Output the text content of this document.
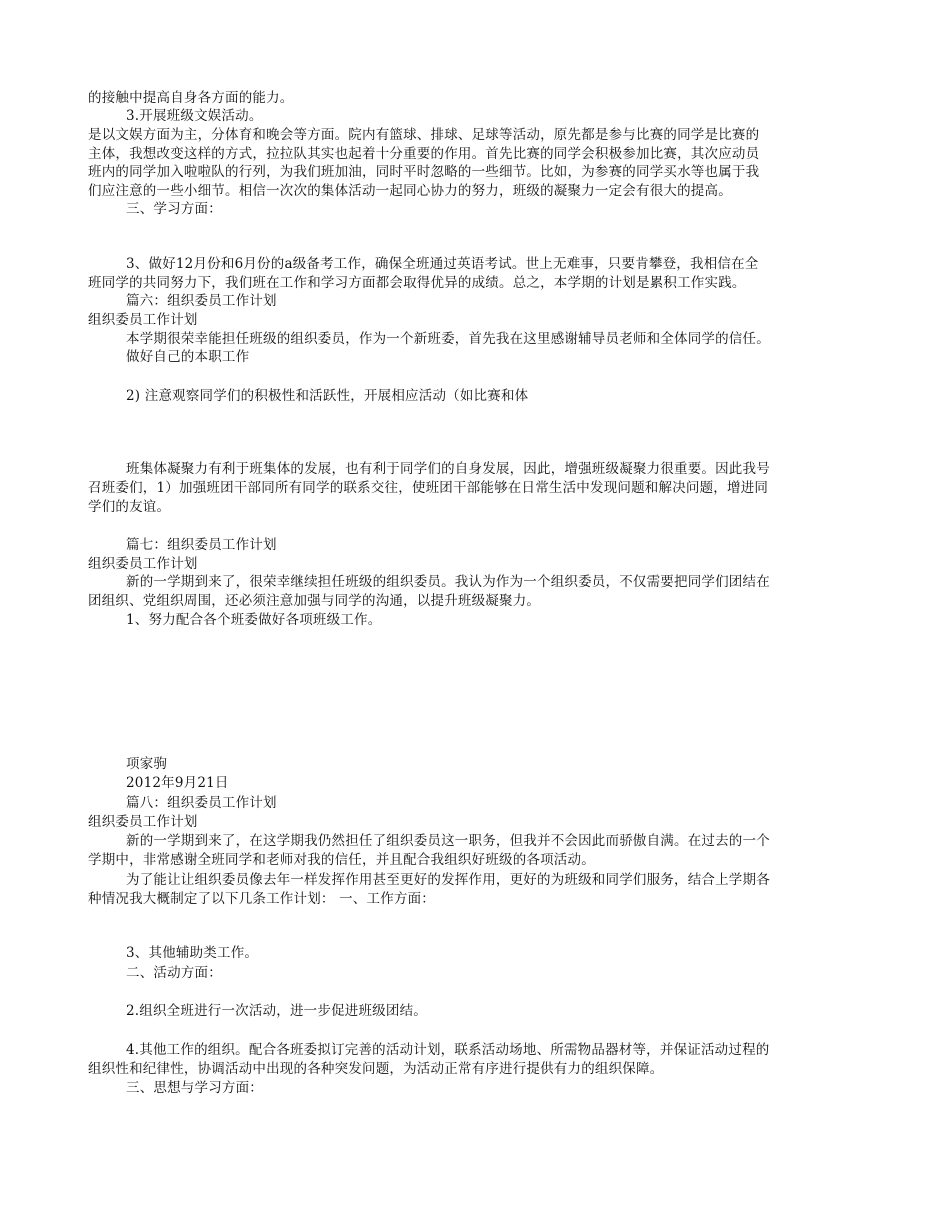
的接触中提高自身各方面的能力。
3.开展班级文娱活动。
是以文娱方面为主，分体育和晚会等方面。院内有篮球、排球、足球等活动，原先都是参与比赛的同学是比赛的
主体，我想改变这样的方式，拉拉队其实也起着十分重要的作用。首先比赛的同学会积极参加比赛，其次应动员
班内的同学加入啦啦队的行列，为我们班加油，同时平时忽略的一些细节。比如，为参赛的同学买水等也属于我
们应注意的一些小细节。相信一次次的集体活动一起同心协力的努力，班级的凝聚力一定会有很大的提高。
三、学习方面：
3、做好12月份和6月份的a级备考工作，确保全班通过英语考试。世上无难事，只要肯攀登，我相信在全
班同学的共同努力下，我们班在工作和学习方面都会取得优异的成绩。总之，本学期的计划是累积工作实践。
篇六：组织委员工作计划
组织委员工作计划
本学期很荣幸能担任班级的组织委员，作为一个新班委，首先我在这里感谢辅导员老师和全体同学的信任。
做好自己的本职工作
2) 注意观察同学们的积极性和活跃性，开展相应活动（如比赛和体
班集体凝聚力有利于班集体的发展，也有利于同学们的自身发展，因此，增强班级凝聚力很重要。因此我号
召班委们，1）加强班团干部同所有同学的联系交往，使班团干部能够在日常生活中发现问题和解决问题，增进同
学们的友谊。
篇七：组织委员工作计划
组织委员工作计划
新的一学期到来了，很荣幸继续担任班级的组织委员。我认为作为一个组织委员，不仅需要把同学们团结在
团组织、党组织周围，还必须注意加强与同学的沟通，以提升班级凝聚力。
1、努力配合各个班委做好各项班级工作。
项家驹
2012年9月21日
篇八：组织委员工作计划
组织委员工作计划
新的一学期到来了，在这学期我仍然担任了组织委员这一职务，但我并不会因此而骄傲自满。在过去的一个
学期中，非常感谢全班同学和老师对我的信任，并且配合我组织好班级的各项活动。
为了能让让组织委员像去年一样发挥作用甚至更好的发挥作用，更好的为班级和同学们服务，结合上学期各
种情况我大概制定了以下几条工作计划： 一、工作方面：
3、其他辅助类工作。
二、活动方面：
2.组织全班进行一次活动，进一步促进班级团结。
4.其他工作的组织。配合各班委拟订完善的活动计划，联系活动场地、所需物品器材等，并保证活动过程的
组织性和纪律性，协调活动中出现的各种突发问题，为活动正常有序进行提供有力的组织保障。
三、思想与学习方面：
